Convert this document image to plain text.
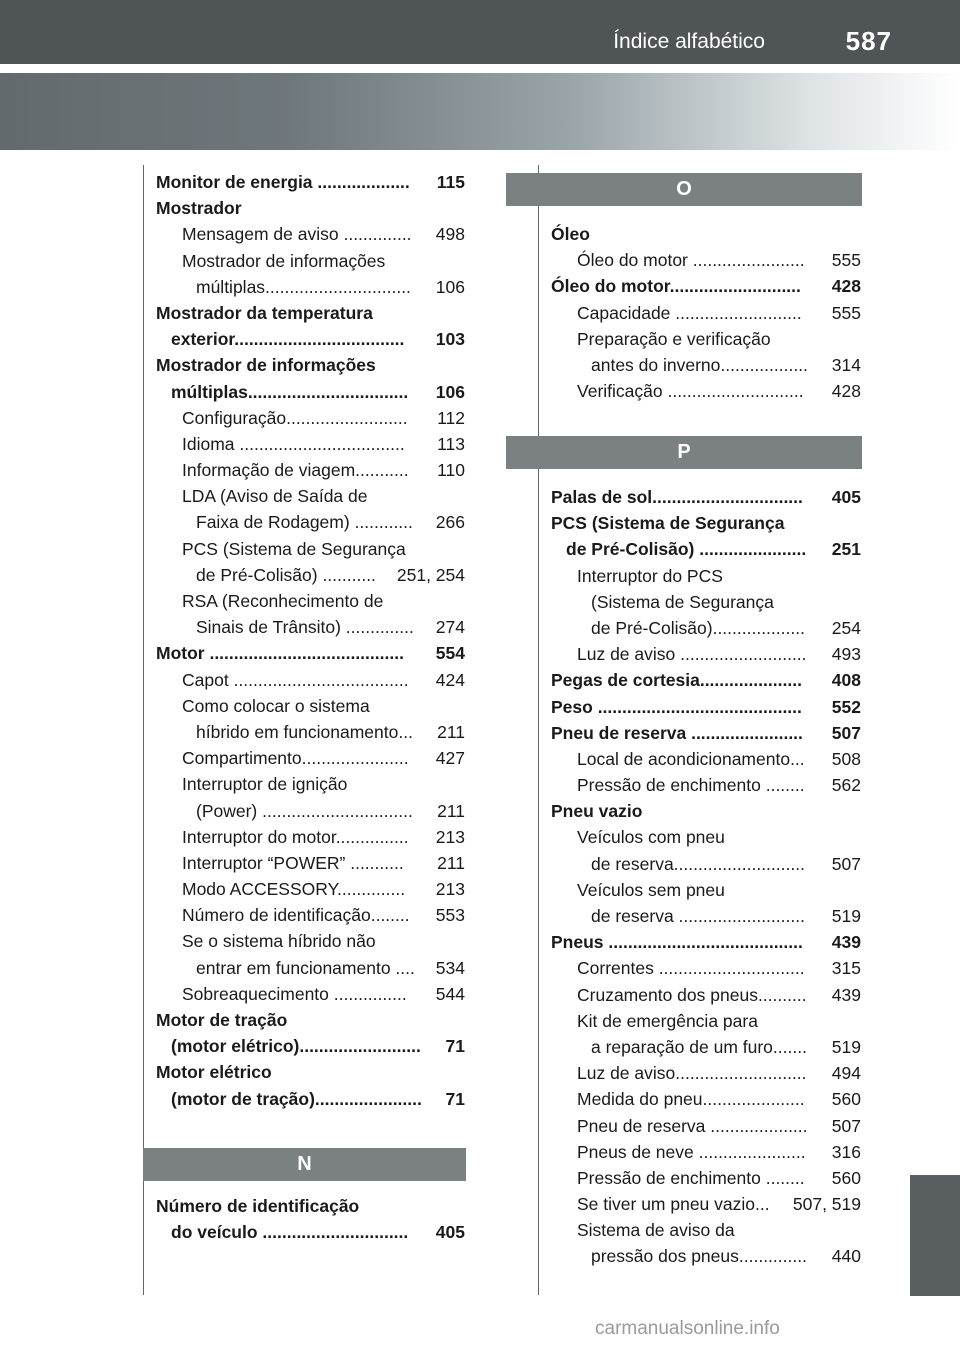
Índice alfabético	587
Monitor de energia ................... 115
Mostrador
Mensagem de aviso .............. 498
Mostrador de informações
múltiplas.............................. 106
Mostrador da temperatura
exterior................................... 103
Mostrador de informações
múltiplas................................. 106
Configuração......................... 112
Idioma .................................. 113
Informação de viagem........... 110
LDA (Aviso de Saída de
Faixa de Rodagem) ............ 266
PCS (Sistema de Segurança
de Pré-Colisão) ........... 251, 254
RSA (Reconhecimento de
Sinais de Trânsito) .............. 274
Motor ........................................ 554
Capot .................................... 424
Como colocar o sistema
híbrido em funcionamento... 211
Compartimento...................... 427
Interruptor de ignição
(Power) ............................... 211
Interruptor do motor............... 213
Interruptor “POWER” ........... 211
Modo ACCESSORY.............. 213
Número de identificação........ 553
Se o sistema híbrido não
entrar em funcionamento .... 534
Sobreaquecimento ............... 544
Motor de tração
(motor elétrico)......................... 71
Motor elétrico
(motor de tração)...................... 71
N
Número de identificação
do veículo .............................. 405
O
Óleo
Óleo do motor ....................... 555
Óleo do motor........................... 428
Capacidade .......................... 555
Preparação e verificação
antes do inverno.................. 314
Verificação ............................ 428
P
Palas de sol............................... 405
PCS (Sistema de Segurança
de Pré-Colisão) ...................... 251
Interruptor do PCS
(Sistema de Segurança
de Pré-Colisão)................... 254
Luz de aviso .......................... 493
Pegas de cortesia..................... 408
Peso .......................................... 552
Pneu de reserva ....................... 507
Local de acondicionamento... 508
Pressão de enchimento ........ 562
Pneu vazio
Veículos com pneu
de reserva........................... 507
Veículos sem pneu
de reserva .......................... 519
Pneus ........................................ 439
Correntes .............................. 315
Cruzamento dos pneus.......... 439
Kit de emergência para
a reparação de um furo....... 519
Luz de aviso........................... 494
Medida do pneu..................... 560
Pneu de reserva .................... 507
Pneus de neve ...................... 316
Pressão de enchimento ........ 560
Se tiver um pneu vazio... 507, 519
Sistema de aviso da
pressão dos pneus.............. 440
carmanualsonline.info
